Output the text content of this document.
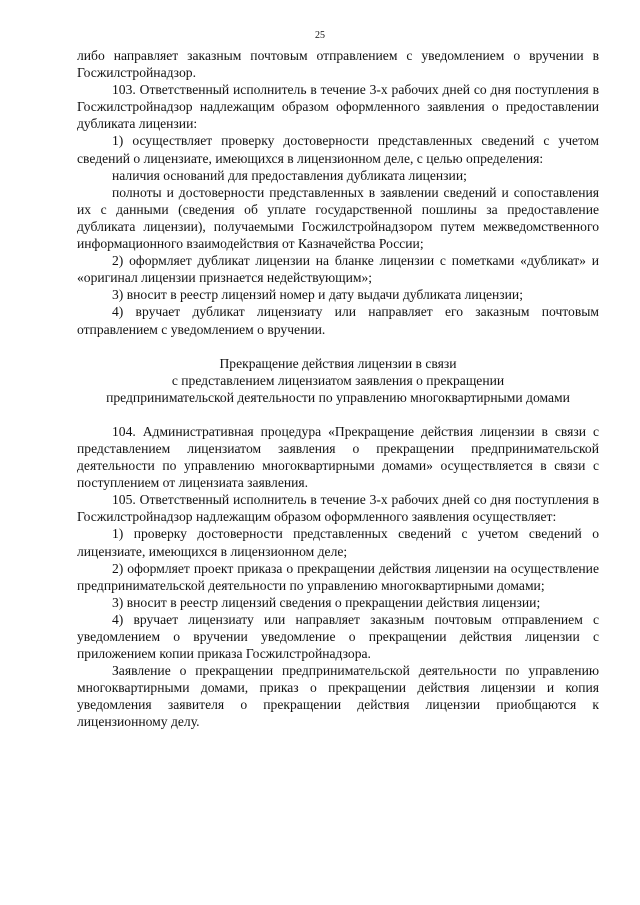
25

либо направляет заказным почтовым отправлением с уведомлением о вручении в Госжилстройнадзор.

103. Ответственный исполнитель в течение 3-х рабочих дней со дня поступления в Госжилстройнадзор надлежащим образом оформленного заявления о предоставлении дубликата лицензии:

1) осуществляет проверку достоверности представленных сведений с учетом сведений о лицензиате, имеющихся в лицензионном деле, с целью определения:

наличия оснований для предоставления дубликата лицензии;

полноты и достоверности представленных в заявлении сведений и сопоставления их с данными (сведения об уплате государственной пошлины за предоставление дубликата лицензии), получаемыми Госжилстройнадзором путем межведомственного информационного взаимодействия от Казначейства России;

2) оформляет дубликат лицензии на бланке лицензии с пометками «дубликат» и «оригинал лицензии признается недействующим»;

3) вносит в реестр лицензий номер и дату выдачи дубликата лицензии;

4) вручает дубликат лицензиату или направляет его заказным почтовым отправлением с уведомлением о вручении.

Прекращение действия лицензии в связи
с представлением лицензиатом заявления о прекращении
предпринимательской деятельности по управлению многоквартирными домами

104. Административная процедура «Прекращение действия лицензии в связи с представлением лицензиатом заявления о прекращении предпринимательской деятельности по управлению многоквартирными домами» осуществляется в связи с поступлением от лицензиата заявления.

105. Ответственный исполнитель в течение 3-х рабочих дней со дня поступления в Госжилстройнадзор надлежащим образом оформленного заявления осуществляет:

1) проверку достоверности представленных сведений с учетом сведений о лицензиате, имеющихся в лицензионном деле;

2) оформляет проект приказа о прекращении действия лицензии на осуществление предпринимательской деятельности по управлению многоквартирными домами;

3) вносит в реестр лицензий сведения о прекращении действия лицензии;

4) вручает лицензиату или направляет заказным почтовым отправлением с уведомлением о вручении уведомление о прекращении действия лицензии с приложением копии приказа Госжилстройнадзора.

Заявление о прекращении предпринимательской деятельности по управлению многоквартирными домами, приказ о прекращении действия лицензии и копия уведомления заявителя о прекращении действия лицензии приобщаются к лицензионному делу.
